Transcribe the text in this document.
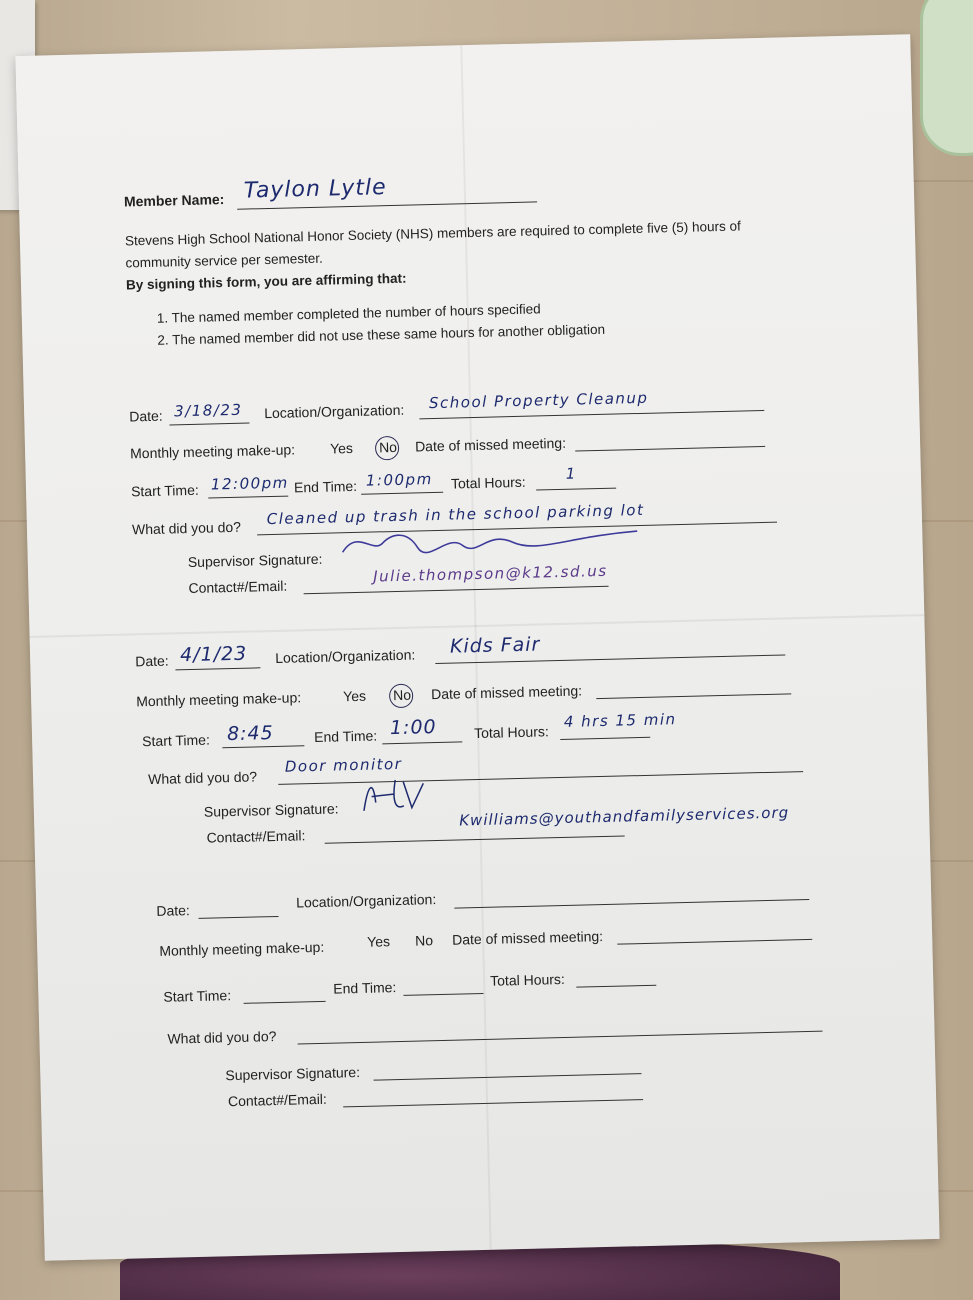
Member Name: Taylon Lytle
Stevens High School National Honor Society (NHS) members are required to complete five (5) hours of
community service per semester.
By signing this form, you are affirming that:
1. The named member completed the number of hours specified
2. The named member did not use these same hours for another obligation
Date: 3/18/23 Location/Organization: School Property Cleanup
Monthly meeting make-up: Yes No Date of missed meeting:
Start Time: 12:00pm End Time: 1:00pm Total Hours:	1
What did you do? Cleaned up trash in the school parking lot
Supervisor Signature:
Contact#/Email:
Julie.thompson@k12.sd.us
Date: 4/1/23 Location/Organization: Kids Fair
Monthly meeting make-up:	Yes No Date of missed meeting:
Start Time: 8:45	End Time: 1:00	Total Hours:
4 hrs 15 min
What did you do?
Door monitor
Supervisor Signature:
Contact#/Email:
Kwilliams@youthandfamilyservices.org
Date:
Location/Organization:
Monthly meeting make-up:	Yes No Date of missed meeting:
Start Time:	End Time:	Total Hours:
What did you do?
Supervisor Signature:
Contact#/Email:
